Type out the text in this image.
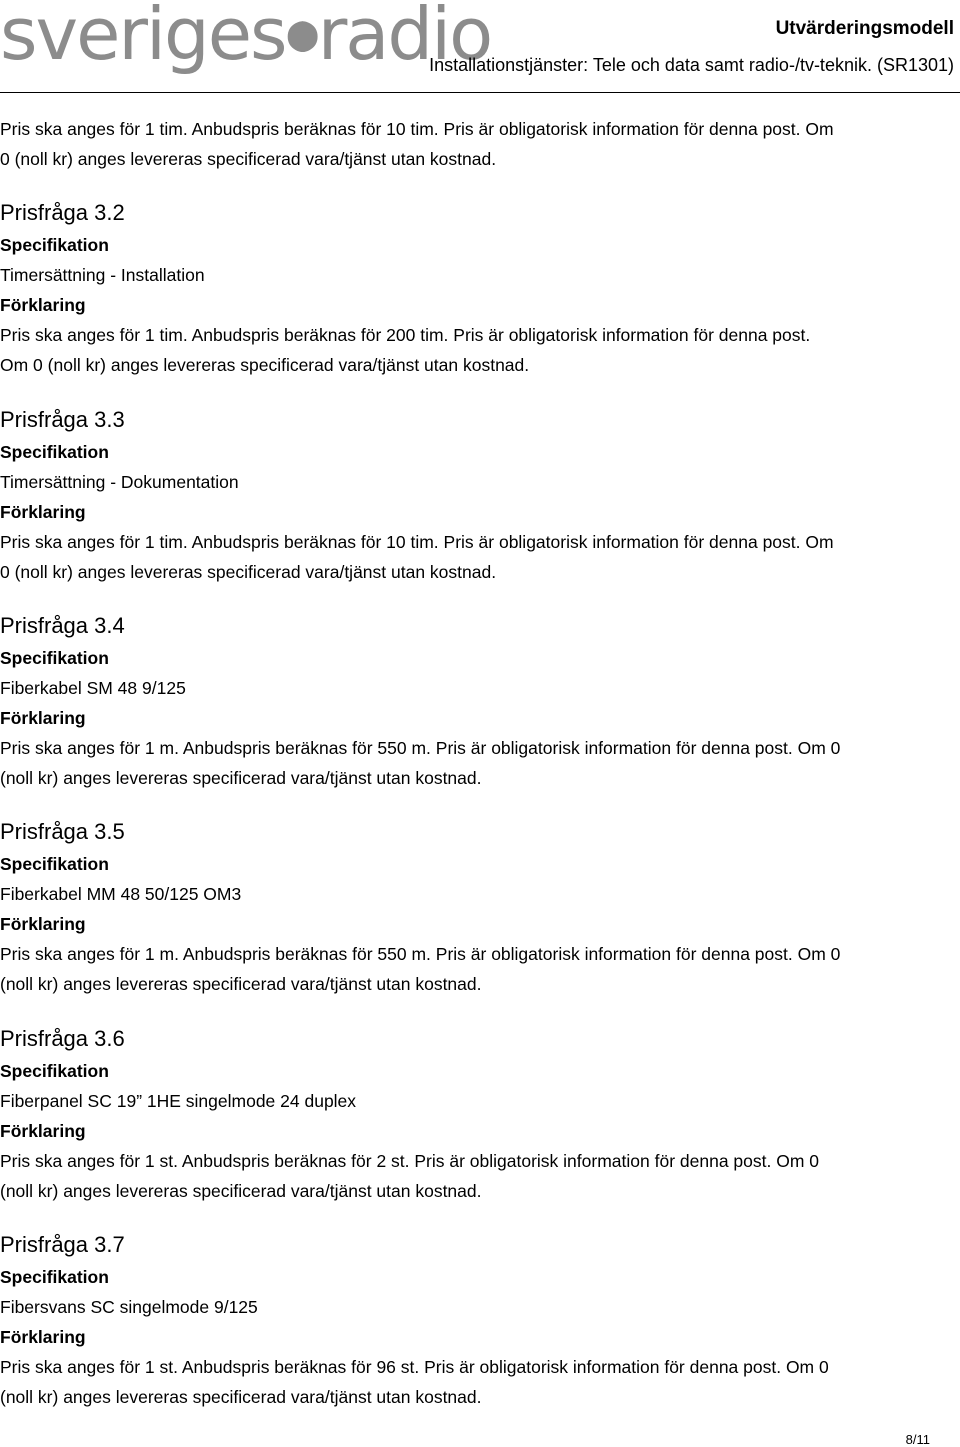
sveriges◖◗radio	Utvärderingsmodell
Installationstjänster: Tele och data samt radio-/tv-teknik. (SR1301)

Pris ska anges för 1 tim. Anbudspris beräknas för 10 tim. Pris är obligatorisk information för denna post. Om

0 (noll kr) anges levereras specificerad vara/tjänst utan kostnad.

Prisfråga 3.2
Specifikation
Timersättning - Installation
Förklaring

Pris ska anges för 1 tim. Anbudspris beräknas för 200 tim. Pris är obligatorisk information för denna post.

Om 0 (noll kr) anges levereras specificerad vara/tjänst utan kostnad.

Prisfråga 3.3
Specifikation
Timersättning - Dokumentation
Förklaring

Pris ska anges för 1 tim. Anbudspris beräknas för 10 tim. Pris är obligatorisk information för denna post. Om

0 (noll kr) anges levereras specificerad vara/tjänst utan kostnad.

Prisfråga 3.4
Specifikation
Fiberkabel SM 48 9/125
Förklaring

Pris ska anges för 1 m. Anbudspris beräknas för 550 m. Pris är obligatorisk information för denna post. Om 0

(noll kr) anges levereras specificerad vara/tjänst utan kostnad.

Prisfråga 3.5
Specifikation
Fiberkabel MM 48 50/125 OM3
Förklaring

Pris ska anges för 1 m. Anbudspris beräknas för 550 m. Pris är obligatorisk information för denna post. Om 0

(noll kr) anges levereras specificerad vara/tjänst utan kostnad.

Prisfråga 3.6
Specifikation
Fiberpanel SC 19” 1HE singelmode 24 duplex
Förklaring

Pris ska anges för 1 st. Anbudspris beräknas för 2 st. Pris är obligatorisk information för denna post. Om 0

(noll kr) anges levereras specificerad vara/tjänst utan kostnad.

Prisfråga 3.7
Specifikation
Fibersvans SC singelmode 9/125
Förklaring

Pris ska anges för 1 st. Anbudspris beräknas för 96 st. Pris är obligatorisk information för denna post. Om 0

(noll kr) anges levereras specificerad vara/tjänst utan kostnad.

8/11
